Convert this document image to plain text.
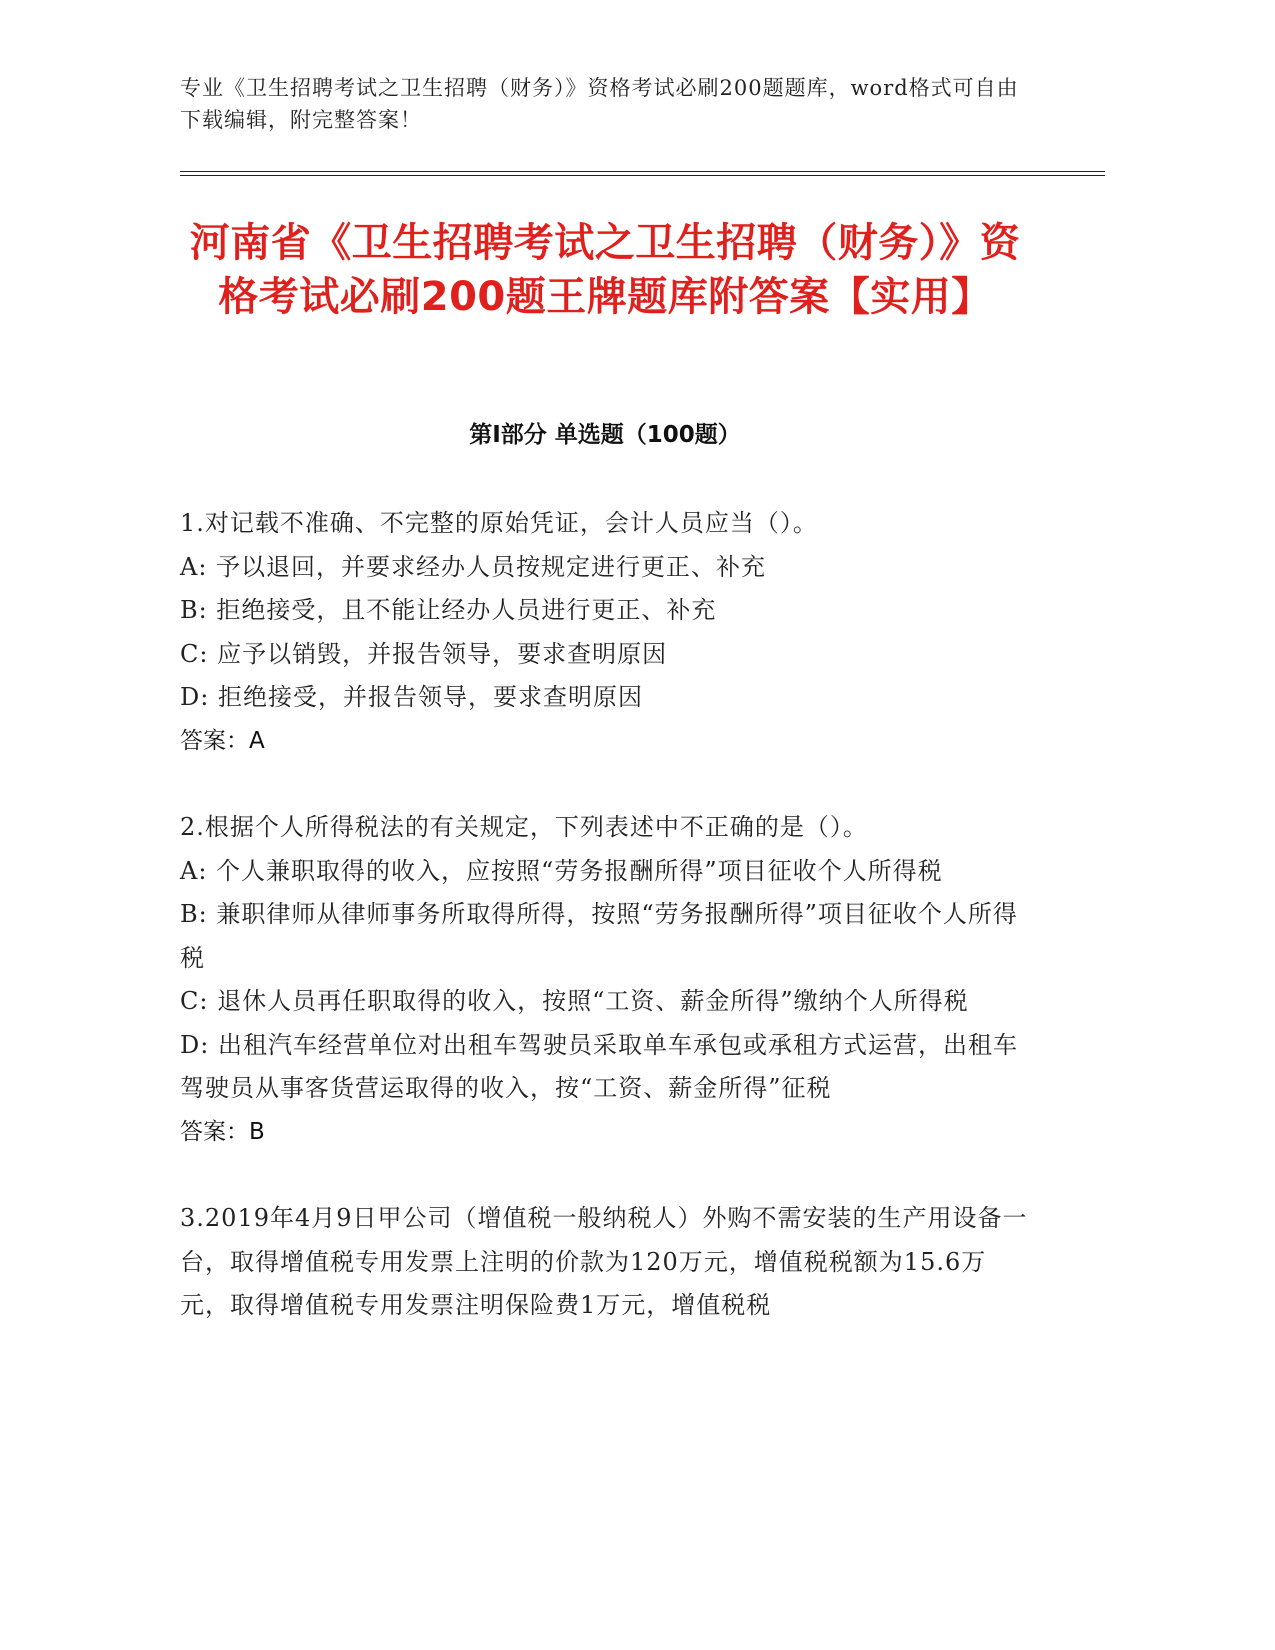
专业《卫生招聘考试之卫生招聘（财务）》资格考试必刷200题题库，word格式可自由下载编辑，附完整答案！
河南省《卫生招聘考试之卫生招聘（财务）》资格考试必刷200题王牌题库附答案【实用】
第Ⅰ部分 单选题（100题）

1.对记载不准确、不完整的原始凭证，会计人员应当（）。

A: 予以退回，并要求经办人员按规定进行更正、补充

B: 拒绝接受，且不能让经办人员进行更正、补充

C: 应予以销毁，并报告领导，要求查明原因

D: 拒绝接受，并报告领导，要求查明原因

答案：A

2.根据个人所得税法的有关规定，下列表述中不正确的是（）。

A: 个人兼职取得的收入，应按照“劳务报酬所得”项目征收个人所得税

B: 兼职律师从律师事务所取得所得，按照“劳务报酬所得”项目征收个人所得税

C: 退休人员再任职取得的收入，按照“工资、薪金所得”缴纳个人所得税

D: 出租汽车经营单位对出租车驾驶员采取单车承包或承租方式运营，出租车驾驶员从事客货营运取得的收入，按“工资、薪金所得”征税

答案：B

3.2019年4月9日甲公司（增值税一般纳税人）外购不需安装的生产用设备一台，取得增值税专用发票上注明的价款为120万元，增值税税额为15.6万元，取得增值税专用发票注明保险费1万元，增值税税
